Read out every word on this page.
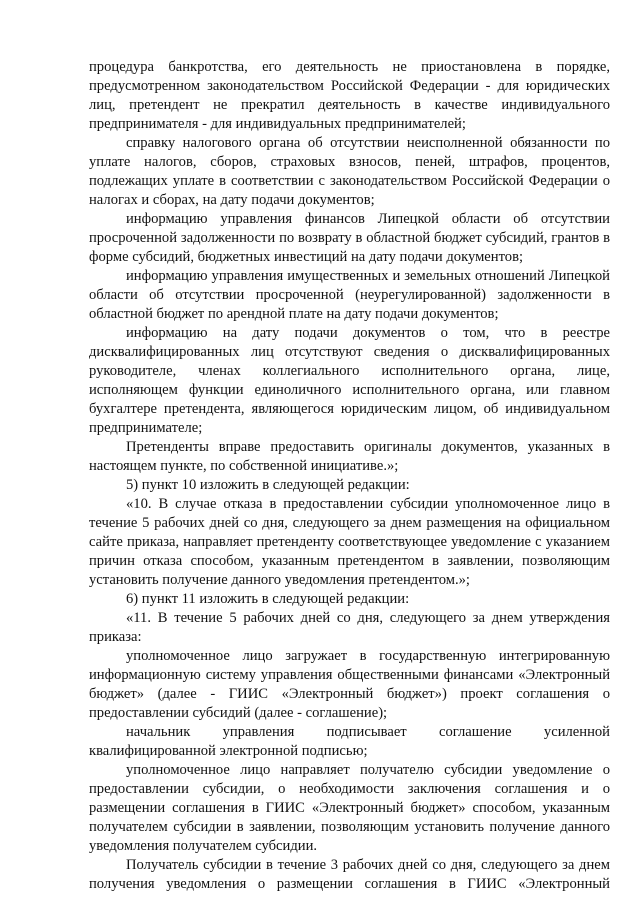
процедура банкротства, его деятельность не приостановлена в порядке, предусмотренном законодательством Российской Федерации - для юридических лиц, претендент не прекратил деятельность в качестве индивидуального предпринимателя - для индивидуальных предпринимателей;

справку налогового органа об отсутствии неисполненной обязанности по уплате налогов, сборов, страховых взносов, пеней, штрафов, процентов, подлежащих уплате в соответствии с законодательством Российской Федерации о налогах и сборах, на дату подачи документов;

информацию управления финансов Липецкой области об отсутствии просроченной задолженности по возврату в областной бюджет субсидий, грантов в форме субсидий, бюджетных инвестиций на дату подачи документов;

информацию управления имущественных и земельных отношений Липецкой области об отсутствии просроченной (неурегулированной) задолженности в областной бюджет по арендной плате на дату подачи документов;

информацию на дату подачи документов о том, что в реестре дисквалифицированных лиц отсутствуют сведения о дисквалифицированных руководителе, членах коллегиального исполнительного органа, лице, исполняющем функции единоличного исполнительного органа, или главном бухгалтере претендента, являющегося юридическим лицом, об индивидуальном предпринимателе;

Претенденты вправе предоставить оригиналы документов, указанных в настоящем пункте, по собственной инициативе.»;

5) пункт 10 изложить в следующей редакции:

«10. В случае отказа в предоставлении субсидии уполномоченное лицо в течение 5 рабочих дней со дня, следующего за днем размещения на официальном сайте приказа, направляет претенденту соответствующее уведомление с указанием причин отказа способом, указанным претендентом в заявлении, позволяющим установить получение данного уведомления претендентом.»;

6) пункт 11 изложить в следующей редакции:

«11. В течение 5 рабочих дней со дня, следующего за днем утверждения приказа:

уполномоченное лицо загружает в государственную интегрированную информационную систему управления общественными финансами «Электронный бюджет» (далее - ГИИС «Электронный бюджет») проект соглашения о предоставлении субсидий (далее - соглашение);

начальник управления подписывает соглашение усиленной квалифицированной электронной подписью;

уполномоченное лицо направляет получателю субсидии уведомление о предоставлении субсидии, о необходимости заключения соглашения и о размещении соглашения в ГИИС «Электронный бюджет» способом, указанным получателем субсидии в заявлении, позволяющим установить получение данного уведомления получателем субсидии.

Получатель субсидии в течение 3 рабочих дней со дня, следующего за днем получения уведомления о размещении соглашения в ГИИС «Электронный
